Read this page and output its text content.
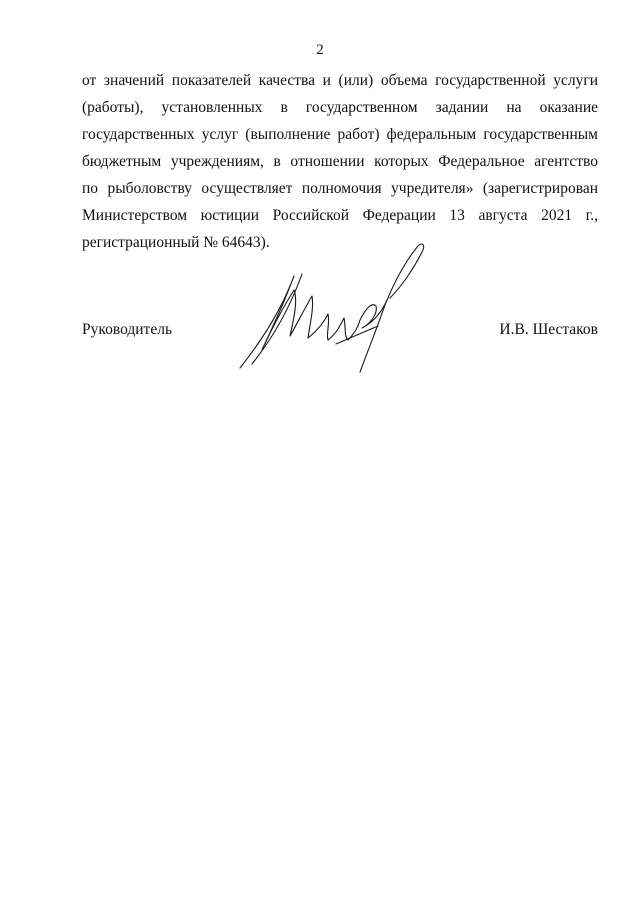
2
от значений показателей качества и (или) объема государственной услуги
(работы), установленных в государственном задании на оказание
государственных услуг (выполнение работ) федеральным государственным
бюджетным учреждениям, в отношении которых Федеральное агентство
по рыболовству осуществляет полномочия учредителя» (зарегистрирован
Министерством юстиции Российской Федерации 13 августа 2021 г.,
регистрационный № 64643).
Руководитель	И.В. Шестаков
